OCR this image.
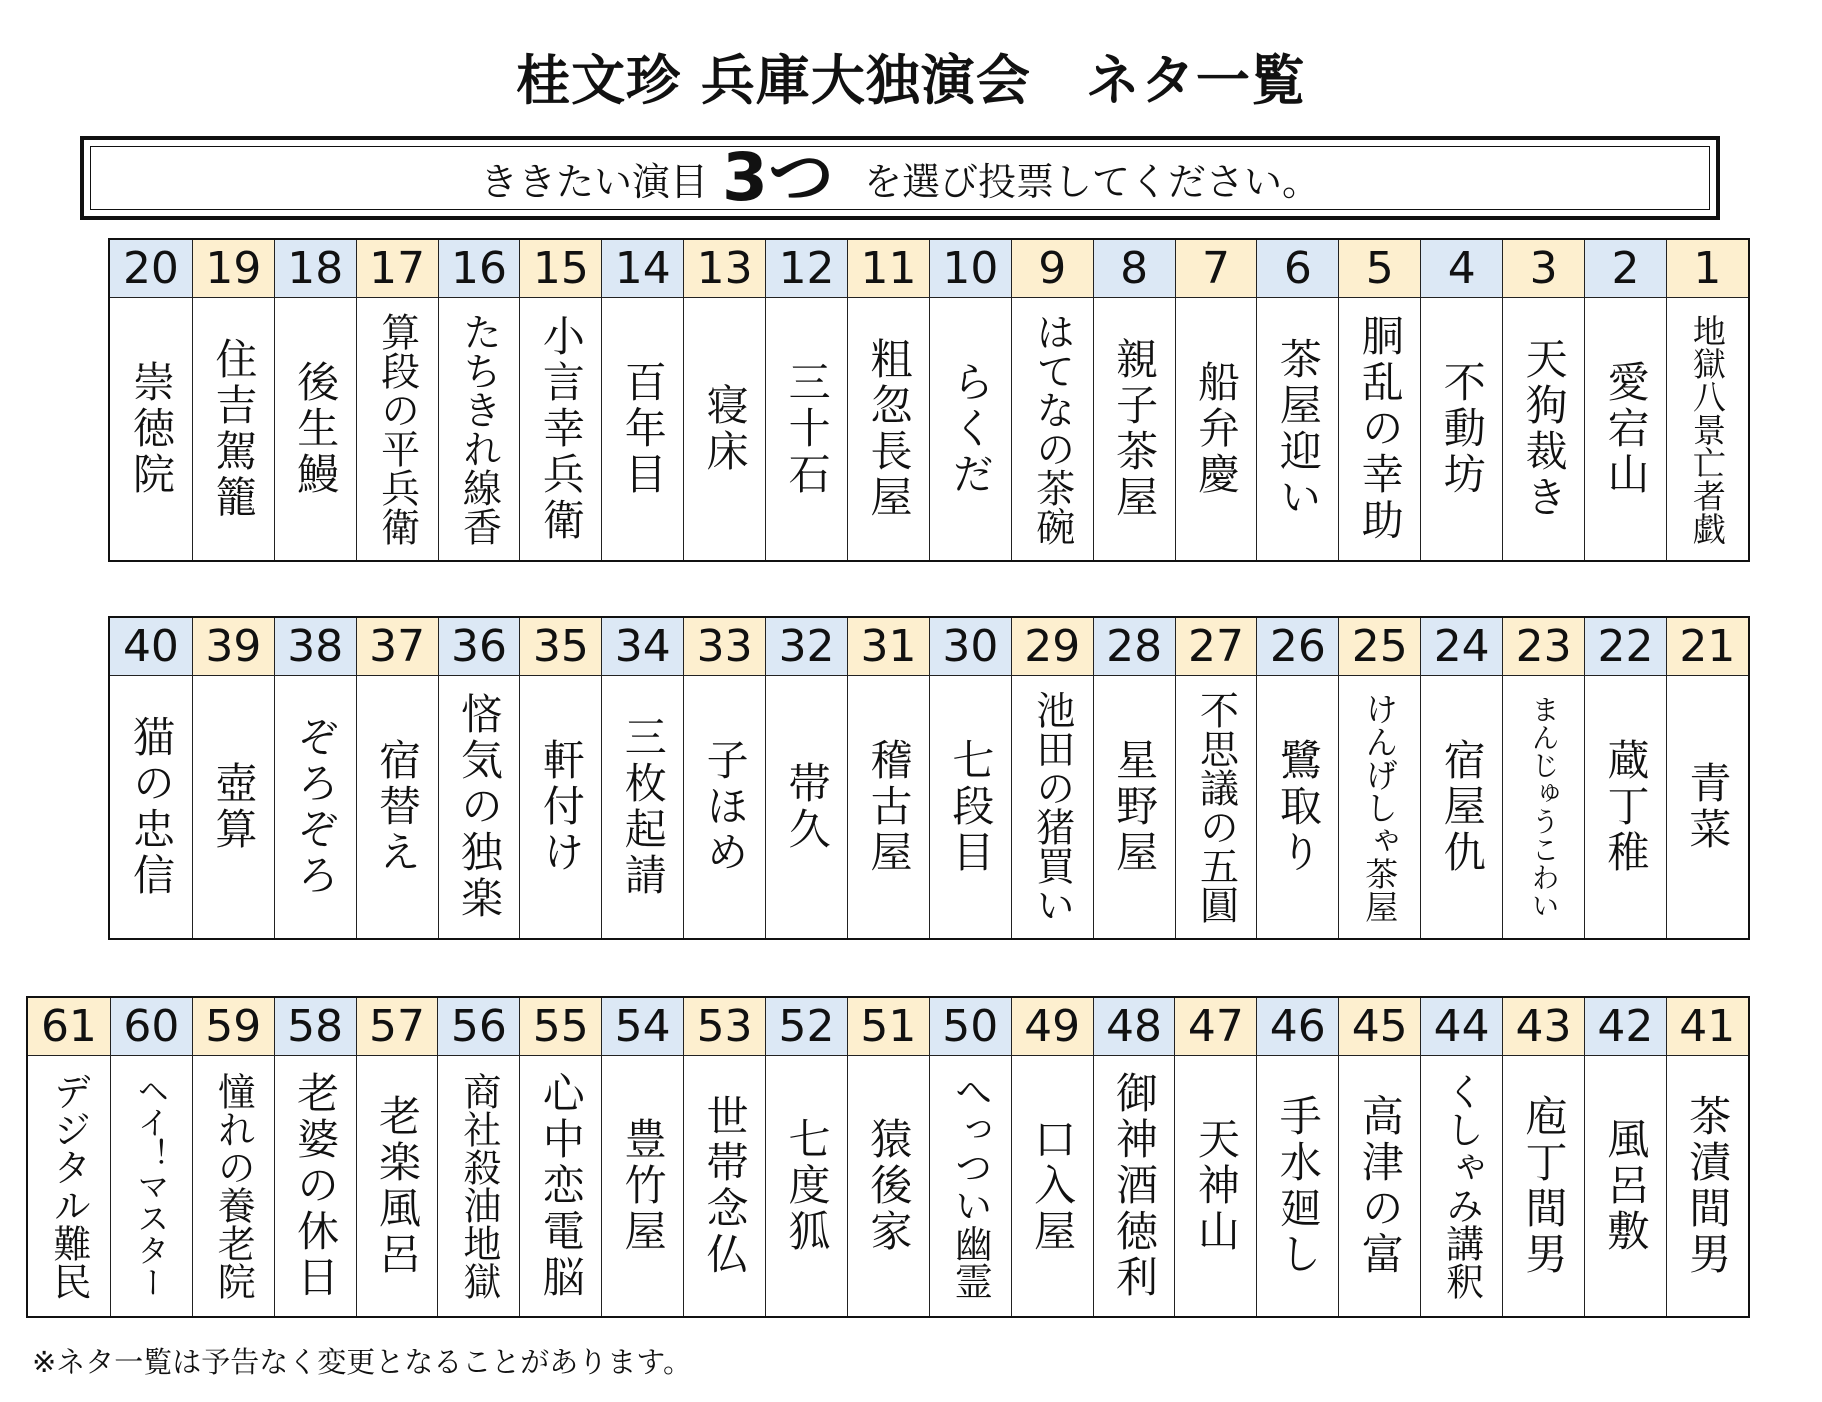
桂文珍 兵庫大独演会　ネタ一覧
ききたい演目 3つ を選び投票してください。
20
崇徳院
19
住吉駕籠
18
後生鰻
17
算段の平兵衛
16
たちきれ線香
15
小言幸兵衛
14
百年目
13
寝床
12
三十石
11
粗忽長屋
10
らくだ
9
はてなの茶碗
8
親子茶屋
7
船弁慶
6
茶屋迎い
5
胴乱の幸助
4
不動坊
3
天狗裁き
2
愛宕山
1
地獄八景亡者戯
40
猫の忠信
39
壺算
38
ぞろぞろ
37
宿替え
36
悋気の独楽
35
軒付け
34
三枚起請
33
子ほめ
32
帯久
31
稽古屋
30
七段目
29
池田の猪買い
28
星野屋
27
不思議の五圓
26
鷺取り
25
けんげしゃ茶屋
24
宿屋仇
23
まんじゅうこわい
22
蔵丁稚
21
青菜
61
デジタル難民
60
ヘイ！マスター
59
憧れの養老院
58
老婆の休日
57
老楽風呂
56
商社殺油地獄
55
心中恋電脳
54
豊竹屋
53
世帯念仏
52
七度狐
51
猿後家
50
へっつい幽霊
49
口入屋
48
御神酒徳利
47
天神山
46
手水廻し
45
高津の富
44
くしゃみ講釈
43
庖丁間男
42
風呂敷
41
茶漬間男
※ネタ一覧は予告なく変更となることがあります。
